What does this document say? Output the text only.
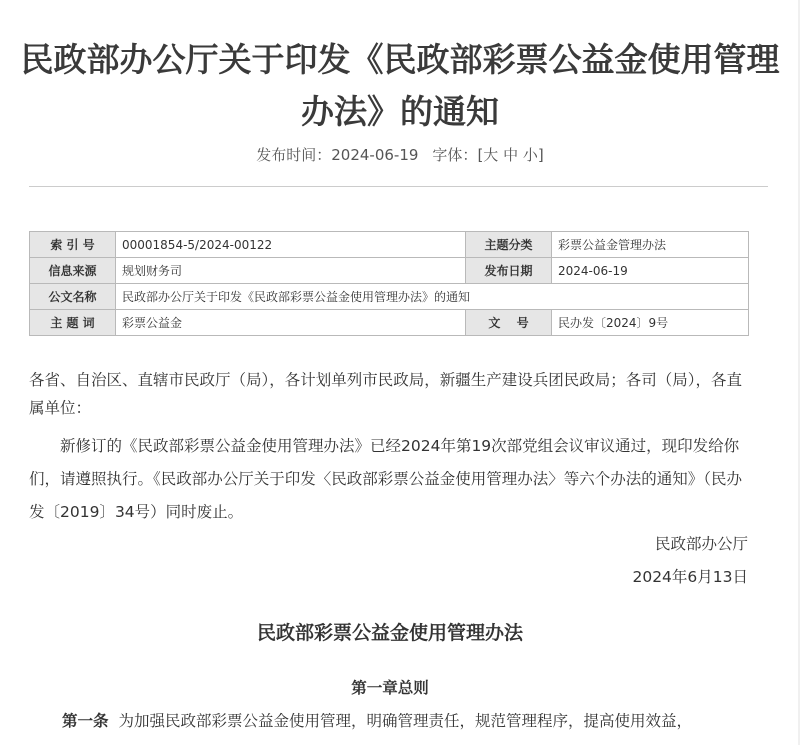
民政部办公厅关于印发《民政部彩票公益金使用管理
办法》的通知
发布时间：2024-06-19 字体：[大 中 小]
索 引 号	00001854-5/2024-00122	主题分类	彩票公益金管理办法
信息来源	规划财务司	发布日期	2024-06-19
公文名称	民政部办公厅关于印发《民政部彩票公益金使用管理办法》的通知		
主 题 词	彩票公益金	文　 号	民办发〔2024〕9号
各省、自治区、直辖市民政厅（局），各计划单列市民政局，新疆生产建设兵团民政局；各司（局），各直属单位：
新修订的《民政部彩票公益金使用管理办法》已经2024年第19次部党组会议审议通过，现印发给你们，请遵照执行。《民政部办公厅关于印发〈民政部彩票公益金使用管理办法〉等六个办法的通知》（民办发〔2019〕34号）同时废止。
民政部办公厅
2024年6月13日
民政部彩票公益金使用管理办法
第一章总则
第一条 为加强民政部彩票公益金使用管理，明确管理责任，规范管理程序，提高使用效益，
